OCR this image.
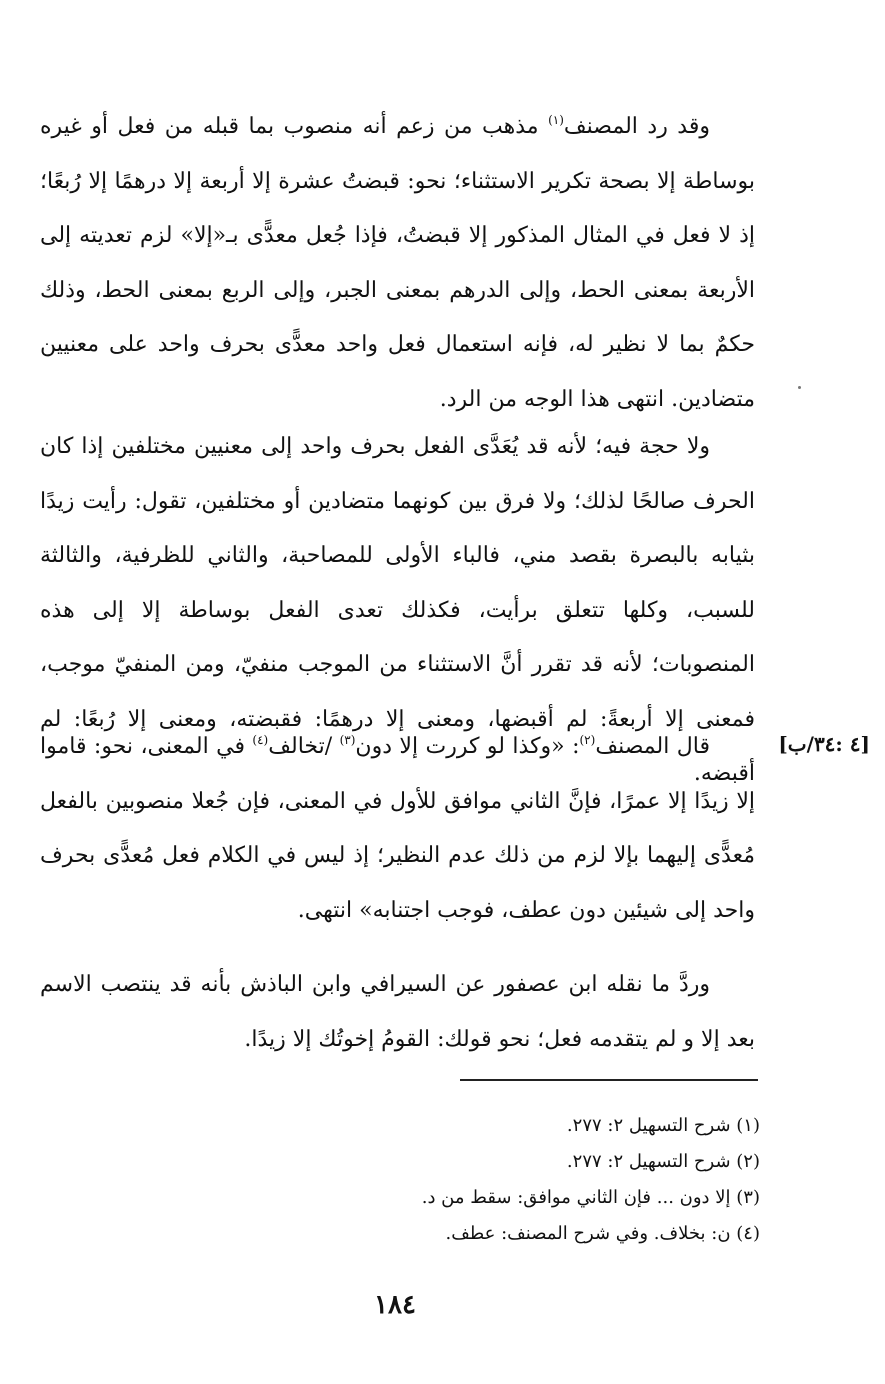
وقد رد المصنف$^{(١)}$ مذهب من زعم أنه منصوب بما قبله من فعل أو غيره بوساطة إلا بصحة تكرير الاستثناء؛ نحو: قبضتُ عشرة إلا أربعة إلا درهمًا إلا رُبعًا؛ إذ لا فعل في المثال المذكور إلا قبضتُ، فإذا جُعل معدًّى بـ«إلا» لزم تعديته إلى الأربعة بمعنى الحط، وإلى الدرهم بمعنى الجبر، وإلى الربع بمعنى الحط، وذلك حكمٌ بما لا نظير له، فإنه استعمال فعل واحد معدًّى بحرف واحد على معنيين متضادين. انتهى هذا الوجه من الرد.

ولا حجة فيه؛ لأنه قد يُعَدَّى الفعل بحرف واحد إلى معنيين مختلفين إذا كان الحرف صالحًا لذلك؛ ولا فرق بين كونهما متضادين أو مختلفين، تقول: رأيت زيدًا بثيابه بالبصرة بقصد مني، فالباء الأولى للمصاحبة، والثاني للظرفية، والثالثة للسبب، وكلها تتعلق برأيت، فكذلك تعدى الفعل بوساطة إلا إلى هذه المنصوبات؛ لأنه قد تقرر أنَّ الاستثناء من الموجب منفيّ، ومن المنفيّ موجب، فمعنى إلا أربعةً: لم أقبضها، ومعنى إلا درهمًا: فقبضته، ومعنى إلا رُبعًا: لم أقبضه.

[٤ :٣٤/ب]

قال المصنف$^{(٢)}$: «وكذا لو كررت إلا دون$^{(٣)}$ /تخالف$^{(٤)}$ في المعنى، نحو: قاموا إلا زيدًا إلا عمرًا، فإنَّ الثاني موافق للأول في المعنى، فإن جُعلا منصوبين بالفعل مُعدًّى إليهما بإلا لزم من ذلك عدم النظير؛ إذ ليس في الكلام فعل مُعدًّى بحرف واحد إلى شيئين دون عطف، فوجب اجتنابه» انتهى.

وردَّ ما نقله ابن عصفور عن السيرافي وابن الباذش بأنه قد ينتصب الاسم بعد إلا و لم يتقدمه فعل؛ نحو قولك: القومُ إخوتُك إلا زيدًا.

(١) شرح التسهيل ٢: ٢٧٧.
(٢) شرح التسهيل ٢: ٢٧٧.
(٣) إلا دون ... فإن الثاني موافق: سقط من د.
(٤) ن: بخلاف. وفي شرح المصنف: عطف.
١٨٤
